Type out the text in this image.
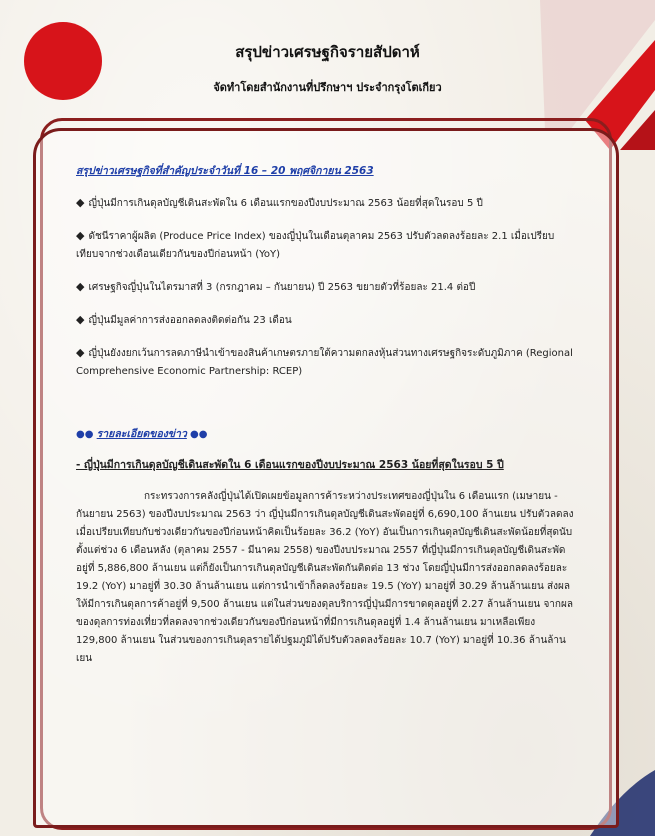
สรุปข่าวเศรษฐกิจรายสัปดาห์
จัดทำโดยสำนักงานที่ปรึกษาฯ ประจำกรุงโตเกียว
สรุปข่าวเศรษฐกิจที่สำคัญประจำวันที่ 16 – 20 พฤศจิกายน 2563
◆ ญี่ปุ่นมีการเกินดุลบัญชีเดินสะพัดใน 6 เดือนแรกของปีงบประมาณ 2563 น้อยที่สุดในรอบ 5 ปี
◆ ดัชนีราคาผู้ผลิต (Produce Price Index) ของญี่ปุ่นในเดือนตุลาคม 2563 ปรับตัวลดลงร้อยละ 2.1 เมื่อเปรียบเทียบจากช่วงเดือนเดียวกันของปีก่อนหน้า (YoY)
◆ เศรษฐกิจญี่ปุ่นในไตรมาสที่ 3 (กรกฎาคม – กันยายน) ปี 2563 ขยายตัวที่ร้อยละ 21.4 ต่อปี
◆ ญี่ปุ่นมีมูลค่าการส่งออกลดลงติดต่อกัน 23 เดือน
◆ ญี่ปุ่นยังงยกเว้นการลดภาษีนำเข้าของสินค้าเกษตรภายใต้ความตกลงหุ้นส่วนทางเศรษฐกิจระดับภูมิภาค (Regional Comprehensive Economic Partnership: RCEP)
●● รายละเอียดของข่าว ●●
- ญี่ปุ่นมีการเกินดุลบัญชีเดินสะพัดใน 6 เดือนแรกของปีงบประมาณ 2563 น้อยที่สุดในรอบ 5 ปี
กระทรวงการคลังญี่ปุ่นได้เปิดเผยข้อมูลการค้าระหว่างประเทศของญี่ปุ่นใน 6 เดือนแรก (เมษายน - กันยายน 2563) ของปีงบประมาณ 2563 ว่า ญี่ปุ่นมีการเกินดุลบัญชีเดินสะพัดอยู่ที่ 6,690,100 ล้านเยน ปรับตัวลดลงเมื่อเปรียบเทียบกับช่วงเดียวกันของปีก่อนหน้าคิดเป็นร้อยละ 36.2 (YoY) อันเป็นการเกินดุลบัญชีเดินสะพัดน้อยที่สุดนับตั้งแต่ช่วง 6 เดือนหลัง (ตุลาคม 2557 - มีนาคม 2558) ของปีงบประมาณ 2557 ที่ญี่ปุ่นมีการเกินดุลบัญชีเดินสะพัดอยู่ที่ 5,886,800 ล้านเยน แต่ก็ยังเป็นการเกินดุลบัญชีเดินสะพัดกันติดต่อ 13 ช่วง โดยญี่ปุ่นมีการส่งออกลดลงร้อยละ 19.2 (YoY) มาอยู่ที่ 30.30 ล้านล้านเยน แต่การนำเข้าก็ลดลงร้อยละ 19.5 (YoY) มาอยู่ที่ 30.29 ล้านล้านเยน ส่งผลให้มีการเกินดุลการค้าอยู่ที่ 9,500 ล้านเยน แต่ในส่วนของดุลบริการญี่ปุ่นมีการขาดดุลอยู่ที่ 2.27 ล้านล้านเยน จากผลของดุลการท่องเที่ยวที่ลดลงจากช่วงเดียวกันของปีก่อนหน้าที่มีการเกินดุลอยู่ที่ 1.4 ล้านล้านเยน มาเหลือเพียง 129,800 ล้านเยน ในส่วนของการเกินดุลรายได้ปฐมภูมิได้ปรับตัวลดลงร้อยละ 10.7 (YoY) มาอยู่ที่ 10.36 ล้านล้านเยน
